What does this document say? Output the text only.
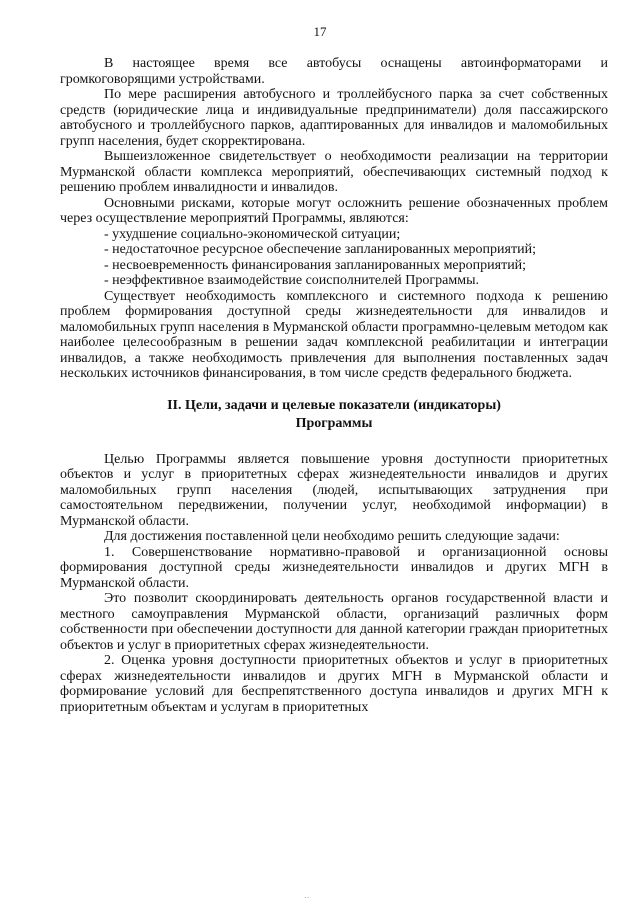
17

В настоящее время все автобусы оснащены автоинформаторами и громкоговорящими устройствами.

По мере расширения автобусного и троллейбусного парка за счет собственных средств (юридические лица и индивидуальные предприниматели) доля пассажирского автобусного и троллейбусного парков, адаптированных для инвалидов и маломобильных групп населения, будет скорректирована.

Вышеизложенное свидетельствует о необходимости реализации на территории Мурманской области комплекса мероприятий, обеспечивающих системный подход к решению проблем инвалидности и инвалидов.

Основными рисками, которые могут осложнить решение обозначенных проблем через осуществление мероприятий Программы, являются:

- ухудшение социально-экономической ситуации;

- недостаточное ресурсное обеспечение запланированных мероприятий;

- несвоевременность финансирования запланированных мероприятий;

- неэффективное взаимодействие соисполнителей Программы.

Существует необходимость комплексного и системного подхода к решению проблем формирования доступной среды жизнедеятельности для инвалидов и маломобильных групп населения в Мурманской области программно-целевым методом как наиболее целесообразным в решении задач комплексной реабилитации и интеграции инвалидов, а также необходимость привлечения для выполнения поставленных задач нескольких источников финансирования, в том числе средств федерального бюджета.

II. Цели, задачи и целевые показатели (индикаторы)
Программы

Целью Программы является повышение уровня доступности приоритетных объектов и услуг в приоритетных сферах жизнедеятельности инвалидов и других маломобильных групп населения (людей, испытывающих затруднения при самостоятельном передвижении, получении услуг, необходимой информации) в Мурманской области.

Для достижения поставленной цели необходимо решить следующие задачи:

1. Совершенствование нормативно-правовой и организационной основы формирования доступной среды жизнедеятельности инвалидов и других МГН в Мурманской области.

Это позволит скоординировать деятельность органов государственной власти и местного самоуправления Мурманской области, организаций различных форм собственности при обеспечении доступности для данной категории граждан приоритетных объектов и услуг в приоритетных сферах жизнедеятельности.

2. Оценка уровня доступности приоритетных объектов и услуг в приоритетных сферах жизнедеятельности инвалидов и других МГН в Мурманской области и формирование условий для беспрепятственного доступа инвалидов и других МГН к приоритетным объектам и услугам в приоритетных

‥
